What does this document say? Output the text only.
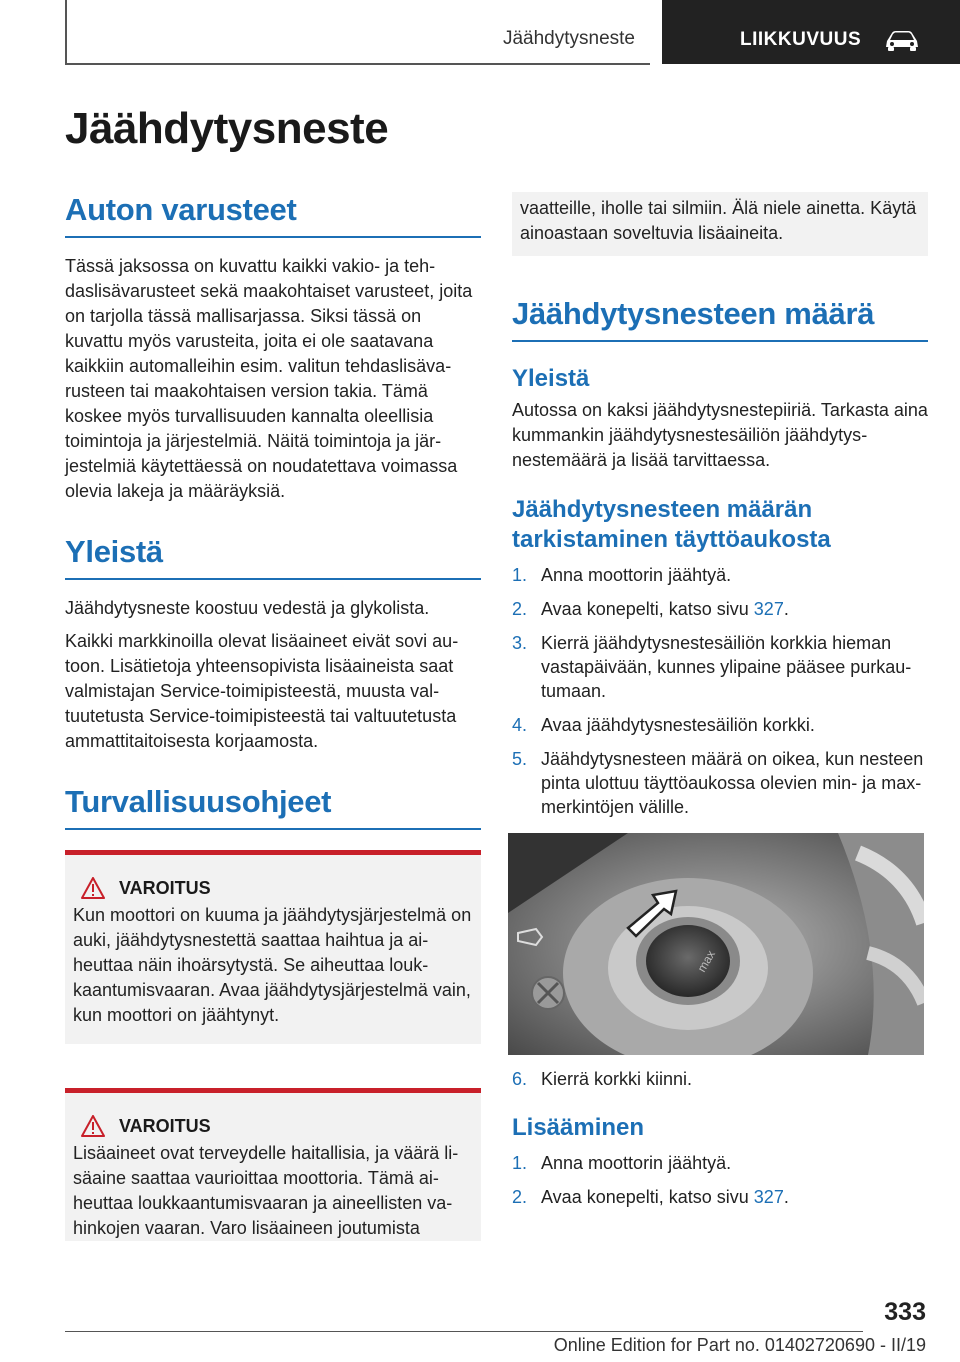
Jäähdytysneste	LIIKKUVUUS
Jäähdytysneste
Auton varusteet

Tässä jaksossa on kuvattu kaikki vakio- ja tehdaslisävarusteet sekä maakohtaiset varusteet, joita on tarjolla tässä mallisarjassa. Siksi tässä on kuvattu myös varusteita, joita ei ole saatavana kaikkiin automalleihin esim. valitun tehdaslisävarusteen tai maakohtaisen version takia. Tämä koskee myös turvallisuuden kannalta oleellisia toimintoja ja järjestelmiä. Näitä toimintoja ja järjestelmiä käytettäessä on noudatettava voimassa olevia lakeja ja määräyksiä.

Yleistä

Jäähdytysneste koostuu vedestä ja glykolista.

Kaikki markkinoilla olevat lisäaineet eivät sovi autoon. Lisätietoja yhteensopivista lisäaineista saat valmistajan Service-toimipisteestä, muusta valtuutetusta Service-toimipisteestä tai valtuutetusta ammattitaitoisesta korjaamosta.

Turvallisuusohjeet
VAROITUS

Kun moottori on kuuma ja jäähdytysjärjestelmä on auki, jäähdytysnestettä saattaa haihtua ja aiheuttaa näin ihoärsytystä. Se aiheuttaa loukkaantumisvaaran. Avaa jäähdytysjärjestelmä vain, kun moottori on jäähtynyt.

VAROITUS

Lisäaineet ovat terveydelle haitallisia, ja väärä lisäaine saattaa vaurioittaa moottoria. Tämä aiheuttaa loukkaantumisvaaran ja aineellisten vahinkojen vaaran. Varo lisäaineen joutumista

vaatteille, iholle tai silmiin. Älä niele ainetta. Käytä ainoastaan soveltuvia lisäaineita.

Jäähdytysnesteen määrä
Yleistä

Autossa on kaksi jäähdytysnestepiiriä. Tarkasta aina kummankin jäähdytysnestesäiliön jäähdytysnestemäärä ja lisää tarvittaessa.

Jäähdytysnesteen määrän tarkistaminen täyttöaukosta
1. Anna moottorin jäähtyä.
2. Avaa konepelti, katso sivu 327.
3. Kierrä jäähdytysnestesäiliön korkkia hieman vastapäivään, kunnes ylipaine pääsee purkautumaan.
4. Avaa jäähdytysnestesäiliön korkki.
5. Jäähdytysnesteen määrä on oikea, kun nesteen pinta ulottuu täyttöaukossa olevien min- ja max-merkintöjen välille.
max
6. Kierrä korkki kiinni.
Lisääminen
1. Anna moottorin jäähtyä.
2. Avaa konepelti, katso sivu 327.
333
Online Edition for Part no. 01402720690 - II/19
